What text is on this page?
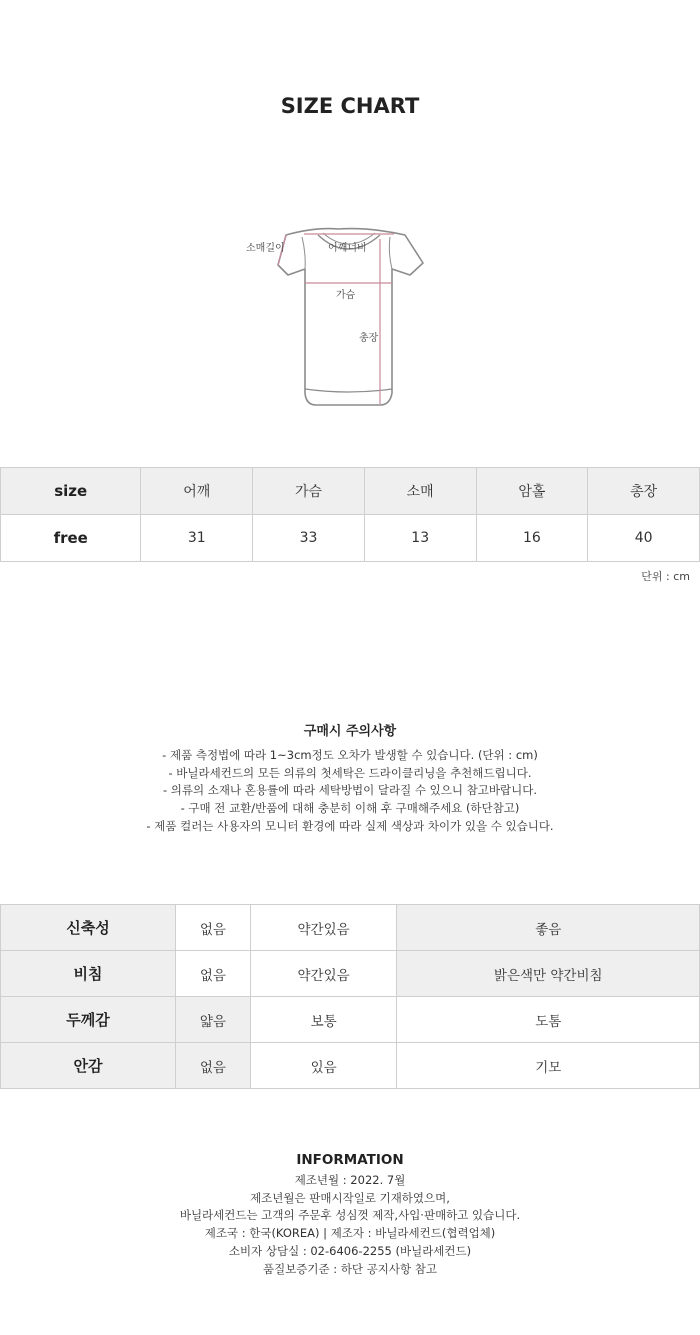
SIZE CHART
소매길이	어깨너비
가슴
총장
size	어깨	가슴	소매	암홀	총장
free	31	33	13	16	40
단위 : cm
구매시 주의사항
- 제품 측정법에 따라 1~3cm정도 오차가 발생할 수 있습니다. (단위 : cm)
- 바닐라세컨드의 모든 의류의 첫세탁은 드라이클리닝을 추천해드립니다.
- 의류의 소재나 혼용률에 따라 세탁방법이 달라질 수 있으니 참고바랍니다.
- 구매 전 교환/반품에 대해 충분히 이해 후 구매해주세요 (하단참고)
- 제품 컬러는 사용자의 모니터 환경에 따라 실제 색상과 차이가 있을 수 있습니다.
신축성	없음	약간있음	좋음
비침	없음	약간있음	밝은색만 약간비침
두께감	얇음	보통	도톰
안감	없음	있음	기모
INFORMATION
제조년월 : 2022. 7월
제조년월은 판매시작일로 기재하였으며,
바닐라세컨드는 고객의 주문후 성심껏 제작,사입·판매하고 있습니다.
제조국 : 한국(KOREA) | 제조자 : 바닐라세컨드(협력업체)
소비자 상담실 : 02-6406-2255 (바닐라세컨드)
품질보증기준 : 하단 공지사항 참고
